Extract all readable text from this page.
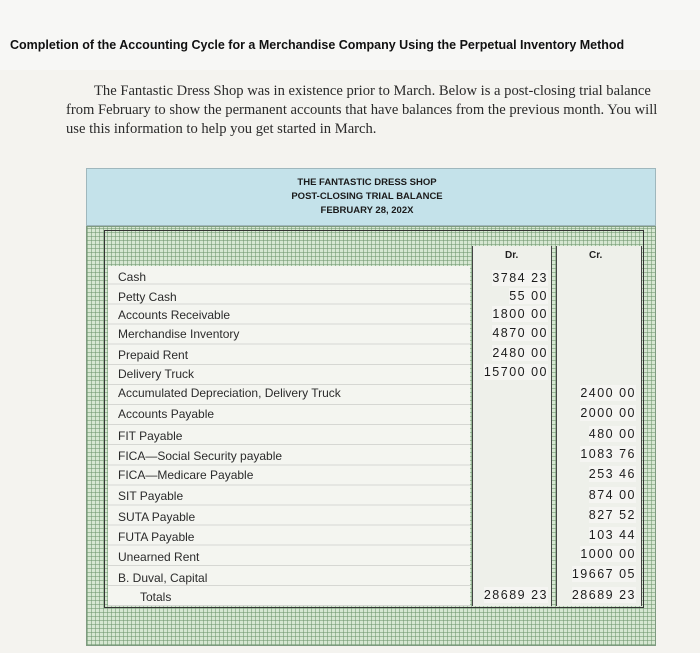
Completion of the Accounting Cycle for a Merchandise Company Using the Perpetual Inventory Method

The Fantastic Dress Shop was in existence prior to March. Below is a post-closing trial balance from February to show the permanent accounts that have balances from the previous month. You will use this information to help you get started in March.

THE FANTASTIC DRESS SHOP
POST-CLOSING TRIAL BALANCE
FEBRUARY 28, 202X
Dr.	Cr.
Cash
Petty Cash
Accounts Receivable
Merchandise Inventory
Prepaid Rent
Delivery Truck
Accumulated Depreciation, Delivery Truck
Accounts Payable
FIT Payable
FICA—Social Security payable
FICA—Medicare Payable
SIT Payable
SUTA Payable
FUTA Payable
Unearned Rent
B. Duval, Capital
Totals
3784 23
55 00
1800 00
4870 00
2480 00
15700 00
28689 23
2400 00
2000 00
480 00
1083 76
253 46
874 00
827 52
103 44
1000 00
19667 05
28689 23
